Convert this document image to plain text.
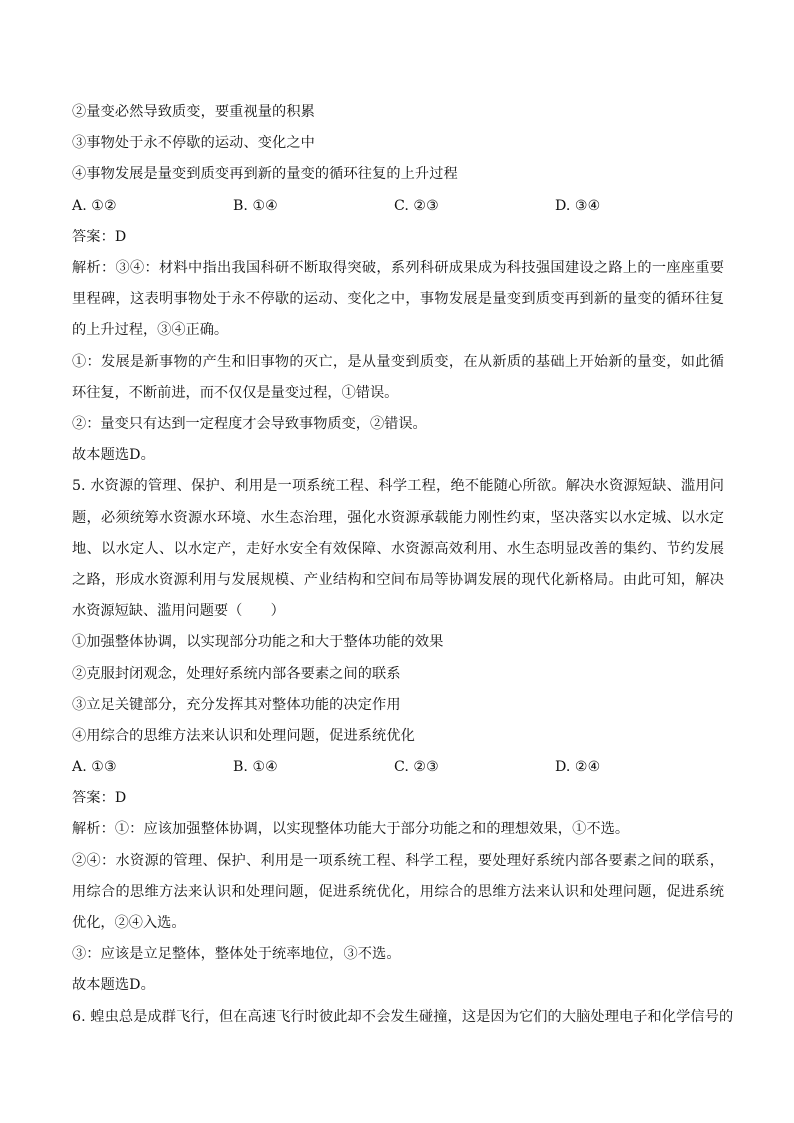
②量变必然导致质变，要重视量的积累
③事物处于永不停歇的运动、变化之中
④事物发展是量变到质变再到新的量变的循环往复的上升过程
A. ①②	B. ①④	C. ②③	D. ③④
答案：D

解析：③④：材料中指出我国科研不断取得突破，系列科研成果成为科技强国建设之路上的一座座重要里程碑，这表明事物处于永不停歇的运动、变化之中，事物发展是量变到质变再到新的量变的循环往复的上升过程，③④正确。

①：发展是新事物的产生和旧事物的灭亡，是从量变到质变，在从新质的基础上开始新的量变，如此循环往复，不断前进，而不仅仅是量变过程，①错误。

②：量变只有达到一定程度才会导致事物质变，②错误。

故本题选D。

5. 水资源的管理、保护、利用是一项系统工程、科学工程，绝不能随心所欲。解决水资源短缺、滥用问题，必须统筹水资源水环境、水生态治理，强化水资源承载能力刚性约束，坚决落实以水定城、以水定地、以水定人、以水定产，走好水安全有效保障、水资源高效利用、水生态明显改善的集约、节约发展之路，形成水资源利用与发展规模、产业结构和空间布局等协调发展的现代化新格局。由此可知，解决水资源短缺、滥用问题要（　　）

①加强整体协调，以实现部分功能之和大于整体功能的效果
②克服封闭观念，处理好系统内部各要素之间的联系
③立足关键部分，充分发挥其对整体功能的决定作用
④用综合的思维方法来认识和处理问题，促进系统优化
A. ①③	B. ①④	C. ②③	D. ②④
答案：D
解析：①：应该加强整体协调，以实现整体功能大于部分功能之和的理想效果，①不选。

②④：水资源的管理、保护、利用是一项系统工程、科学工程，要处理好系统内部各要素之间的联系，用综合的思维方法来认识和处理问题，促进系统优化，用综合的思维方法来认识和处理问题，促进系统优化，②④入选。

③：应该是立足整体，整体处于统率地位，③不选。
故本题选D。
6. 蝗虫总是成群飞行，但在高速飞行时彼此却不会发生碰撞，这是因为它们的大脑处理电子和化学信号的
